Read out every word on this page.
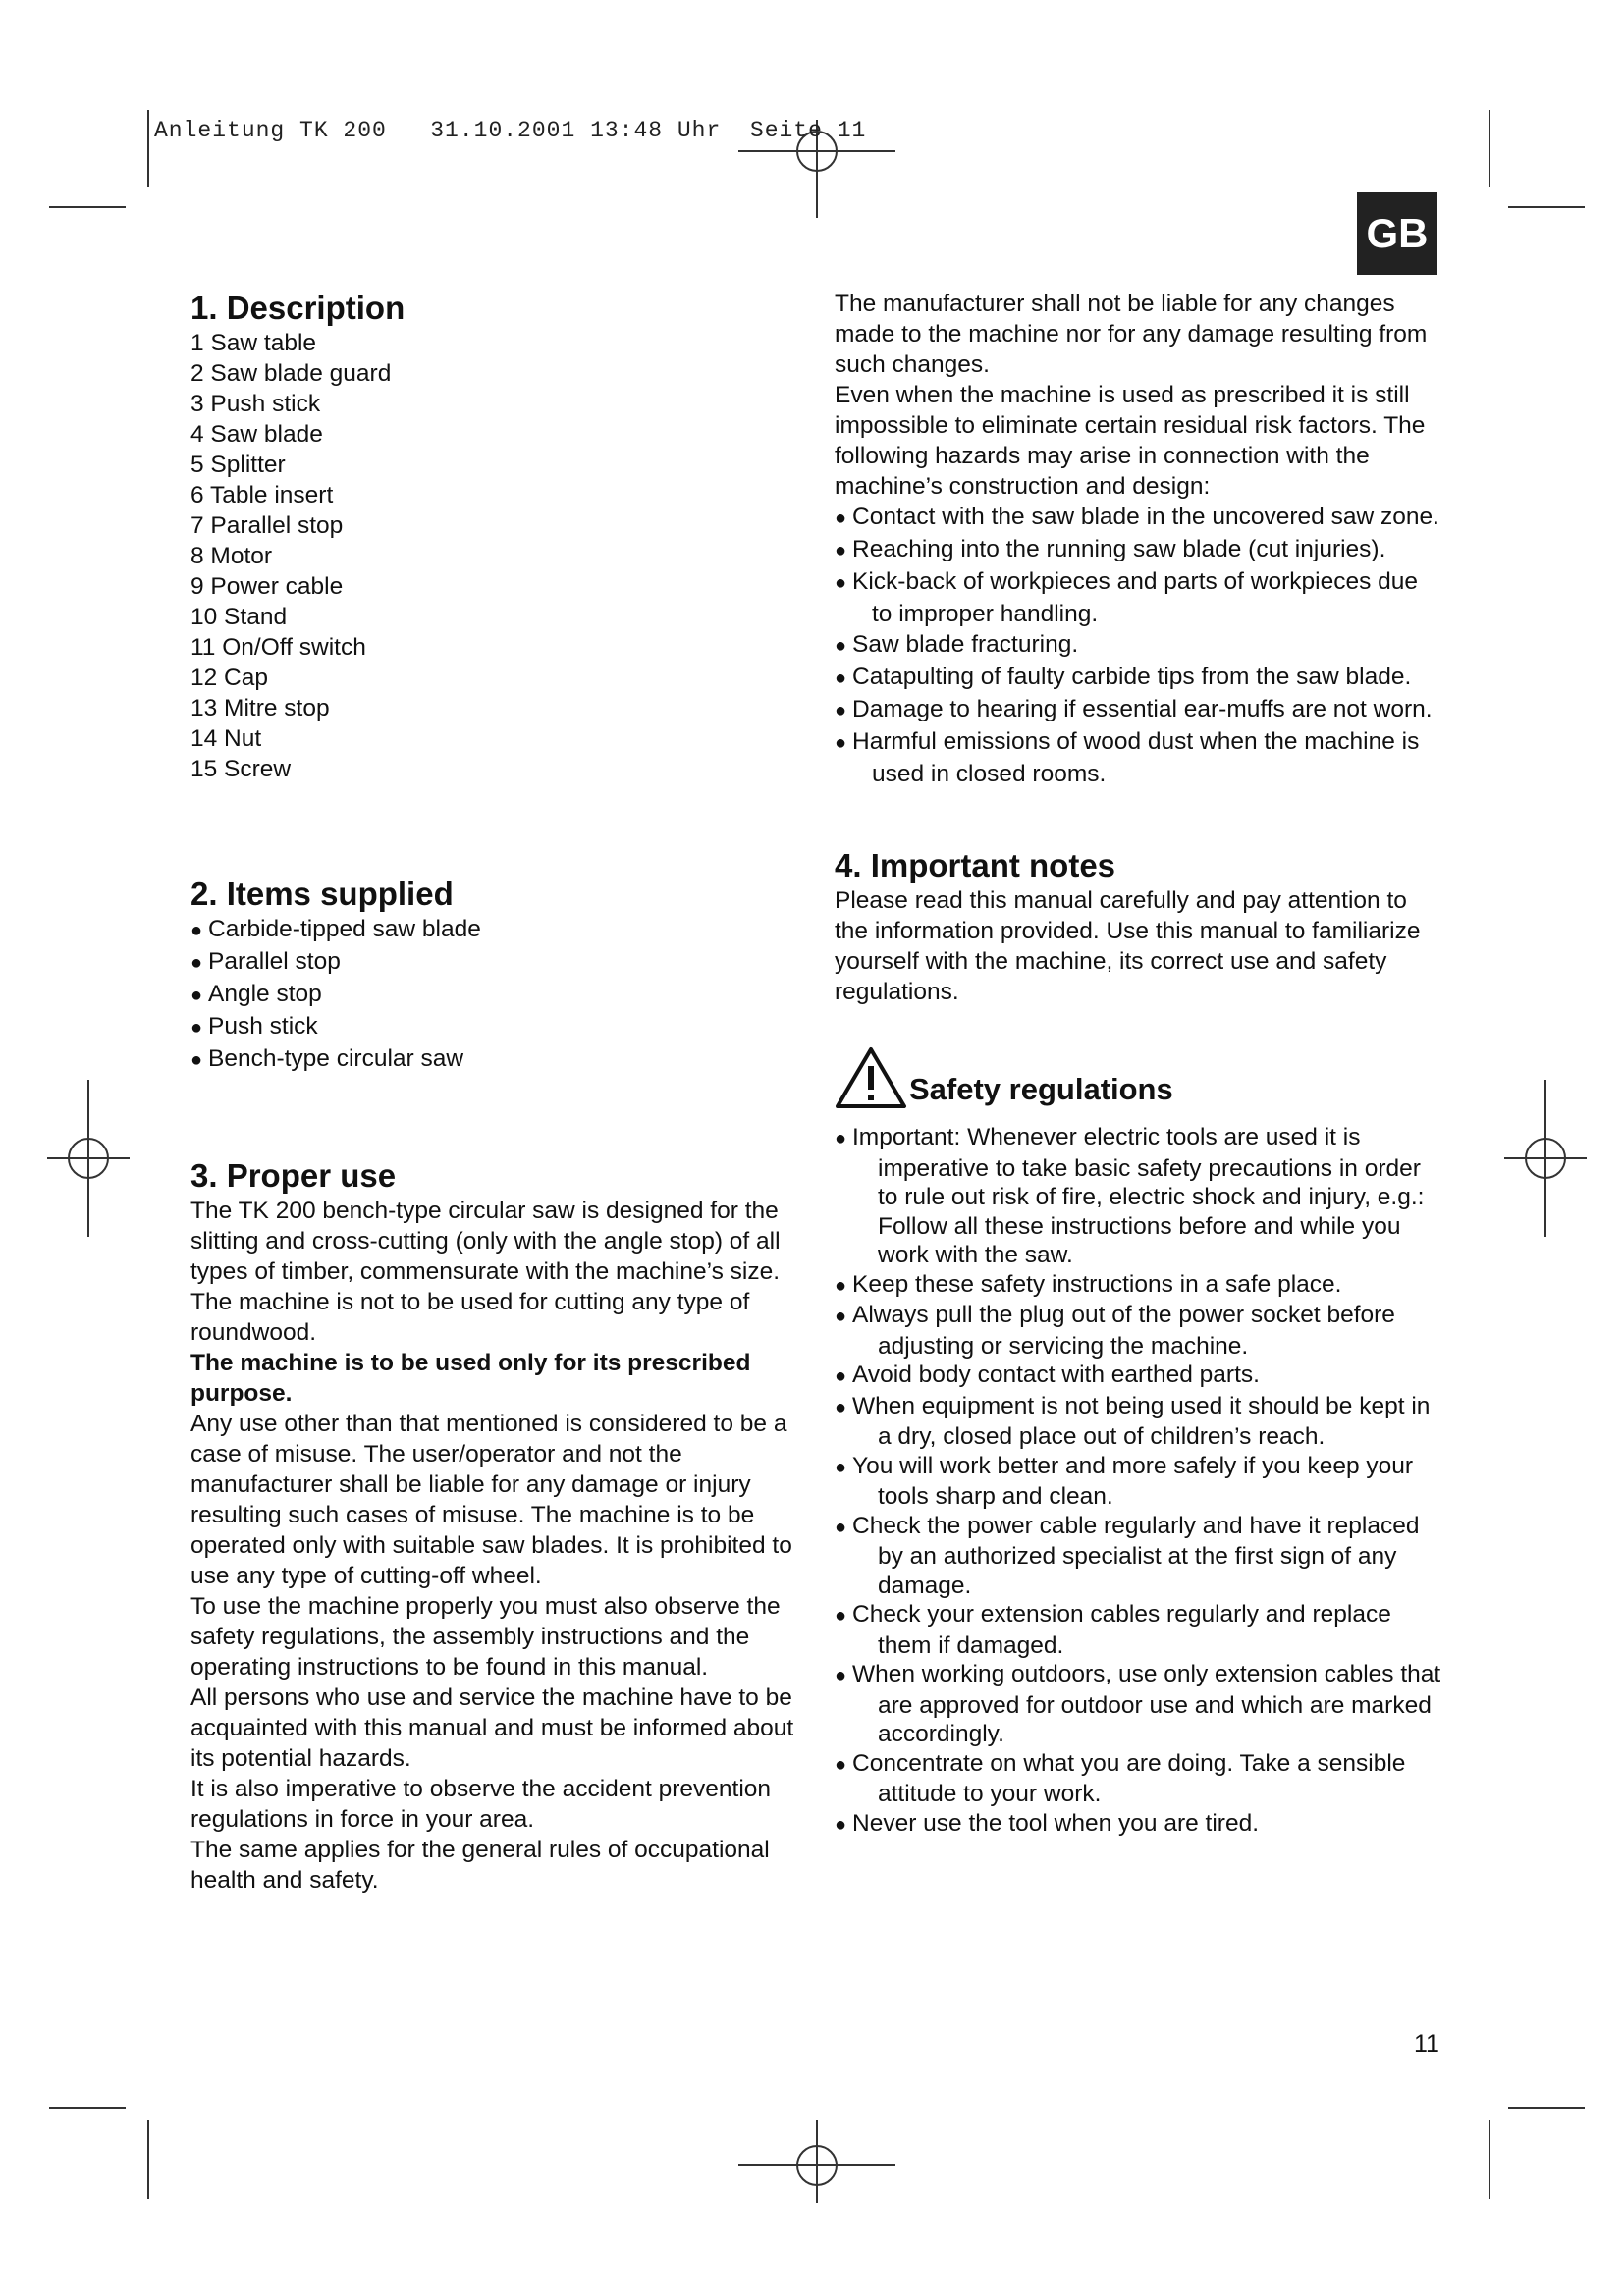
Anleitung TK 200   31.10.2001 13:48 Uhr  Seite 11
GB
1. Description
1 Saw table
2 Saw blade guard
3 Push stick
4 Saw blade
5 Splitter
6 Table insert
7 Parallel stop
8 Motor
9 Power cable
10 Stand
11 On/Off switch
12 Cap
13 Mitre stop
14 Nut
15 Screw
2. Items supplied
● Carbide-tipped saw blade
● Parallel stop
● Angle stop
● Push stick
● Bench-type circular saw
3. Proper use

The TK 200 bench-type circular saw is designed for the slitting and cross-cutting (only with the angle stop) of all types of timber, commensurate with the machine’s size.

The machine is not to be used for cutting any type of roundwood.

The machine is to be used only for its prescribed purpose.

Any use other than that mentioned is considered to be a case of misuse. The user/operator and not the manufacturer shall be liable for any damage or injury resulting such cases of misuse. The machine is to be operated only with suitable saw blades. It is prohibited to use any type of cutting-off wheel.

To use the machine properly you must also observe the safety regulations, the assembly instructions and the operating instructions to be found in this manual.

All persons who use and service the machine have to be acquainted with this manual and must be informed about its potential hazards.

It is also imperative to observe the accident prevention regulations in force in your area.

The same applies for the general rules of occupational health and safety.

The manufacturer shall not be liable for any changes made to the machine nor for any damage resulting from such changes.

Even when the machine is used as prescribed it is still impossible to eliminate certain residual risk factors. The following hazards may arise in connection with the machine’s construction and design:

● Contact with the saw blade in the uncovered saw zone.
● Reaching into the running saw blade (cut injuries).
● Kick-back of workpieces and parts of workpieces due to improper handling.
● Saw blade fracturing.
● Catapulting of faulty carbide tips from the saw blade.
● Damage to hearing if essential ear-muffs are not worn.
● Harmful emissions of wood dust when the machine is used in closed rooms.
4. Important notes

Please read this manual carefully and pay attention to the information provided. Use this manual to familiarize yourself with the machine, its correct use and safety regulations.

Safety regulations
● Important: Whenever electric tools are used it is imperative to take basic safety precautions in order to rule out risk of fire, electric shock and injury, e.g.: Follow all these instructions before and while you work with the saw.
● Keep these safety instructions in a safe place.
● Always pull the plug out of the power socket before adjusting or servicing the machine.
● Avoid body contact with earthed parts.
● When equipment is not being used it should be kept in a dry, closed place out of children’s reach.
● You will work better and more safely if you keep your tools sharp and clean.
● Check the power cable regularly and have it replaced by an authorized specialist at the first sign of any damage.
● Check your extension cables regularly and replace them if damaged.
● When working outdoors, use only extension cables that are approved for outdoor use and which are marked accordingly.
● Concentrate on what you are doing. Take a sensible attitude to your work.
● Never use the tool when you are tired.
11
